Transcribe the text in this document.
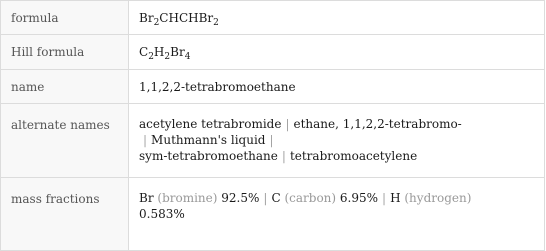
formula	$Br_2CHCHBr_2$
Hill formula	$C_2H_2Br_4$
name	1,1,2,2-tetrabromoethane
alternate names	acetylene tetrabromide | ethane, 1,1,2,2-tetrabromo-| Muthmann's liquid |
sym-tetrabromoethane | tetrabromoacetylene
mass fractions	Br (bromine) 92.5% | C (carbon) 6.95% | H (hydrogen)
0.583%
